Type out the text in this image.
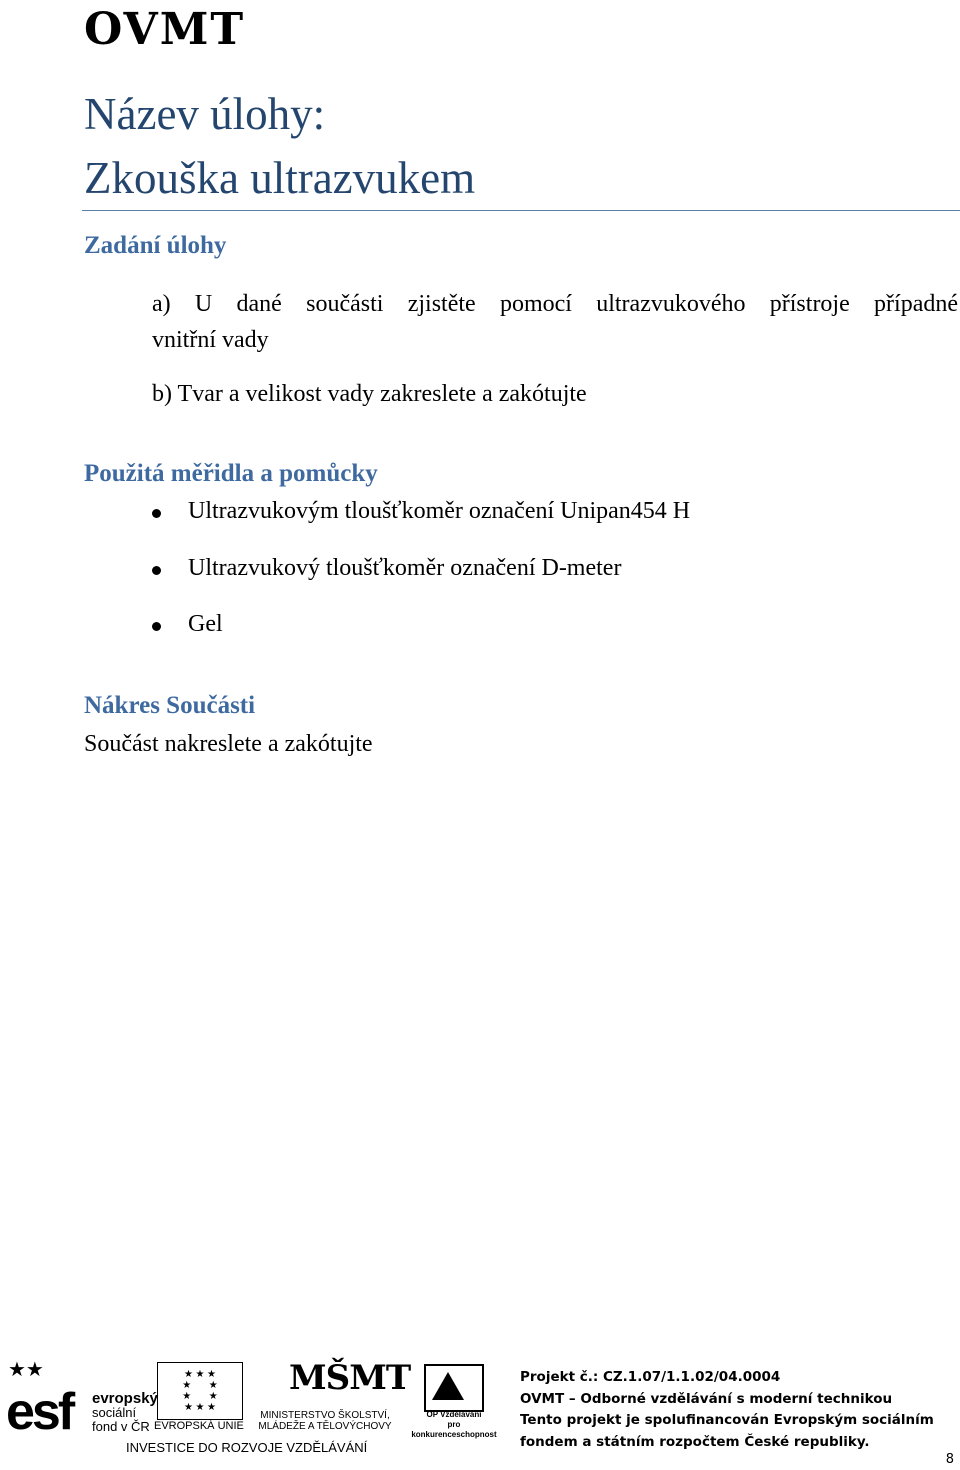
OVMT
Název úlohy:
Zkouška ultrazvukem
Zadání úlohy
a) U dané součásti zjistěte pomocí ultrazvukového přístroje případné
vnitřní vady
b) Tvar a velikost vady zakreslete a zakótujte
Použitá měřidla a pomůcky
Ultrazvukovým tloušťkoměr označení Unipan454 H
Ultrazvukový tloušťkoměr označení D-meter
Gel
Nákres Součásti
Součást nakreslete a zakótujte
★★
esf evropský
sociální
fond v ČR
★ ★ ★
★       ★
★       ★
★ ★ ★
EVROPSKÁ UNIE
MŠMT
MINISTERSTVO ŠKOLSTVÍ,
MLÁDEŽE A TĚLOVÝCHOVY
OP Vzdělávání
pro konkurenceschopnost
INVESTICE DO ROZVOJE VZDĚLÁVÁNÍ
Projekt č.: CZ.1.07/1.1.02/04.0004
OVMT – Odborné vzdělávání s moderní technikou
Tento projekt je spolufinancován Evropským sociálním
fondem a státním rozpočtem České republiky.
8
